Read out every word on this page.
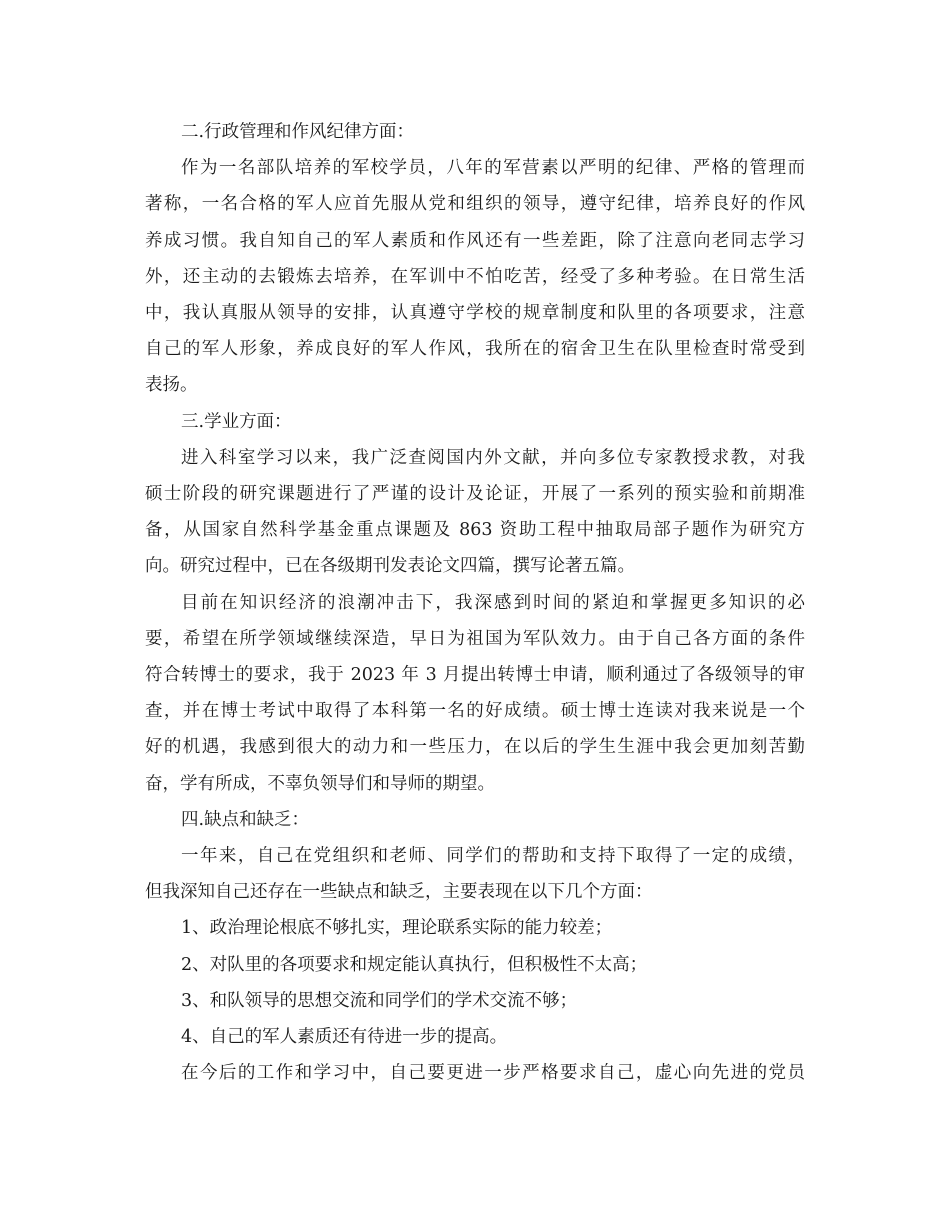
二.行政管理和作风纪律方面：
作为一名部队培养的军校学员，八年的军营素以严明的纪律、严格的管理而
著称，一名合格的军人应首先服从党和组织的领导，遵守纪律，培养良好的作风
养成习惯。我自知自己的军人素质和作风还有一些差距，除了注意向老同志学习
外，还主动的去锻炼去培养，在军训中不怕吃苦，经受了多种考验。在日常生活
中，我认真服从领导的安排，认真遵守学校的规章制度和队里的各项要求，注意
自己的军人形象，养成良好的军人作风，我所在的宿舍卫生在队里检查时常受到
表扬。
三.学业方面：
进入科室学习以来，我广泛查阅国内外文献，并向多位专家教授求教，对我
硕士阶段的研究课题进行了严谨的设计及论证，开展了一系列的预实验和前期准
备，从国家自然科学基金重点课题及 863 资助工程中抽取局部子题作为研究方
向。研究过程中，已在各级期刊发表论文四篇，撰写论著五篇。
目前在知识经济的浪潮冲击下，我深感到时间的紧迫和掌握更多知识的必
要，希望在所学领域继续深造，早日为祖国为军队效力。由于自己各方面的条件
符合转博士的要求，我于 2023 年 3 月提出转博士申请，顺利通过了各级领导的审
查，并在博士考试中取得了本科第一名的好成绩。硕士博士连读对我来说是一个
好的机遇，我感到很大的动力和一些压力，在以后的学生生涯中我会更加刻苦勤
奋，学有所成，不辜负领导们和导师的期望。
四.缺点和缺乏：
一年来，自己在党组织和老师、同学们的帮助和支持下取得了一定的成绩，
但我深知自己还存在一些缺点和缺乏，主要表现在以下几个方面：
1、政治理论根底不够扎实，理论联系实际的能力较差；
2、对队里的各项要求和规定能认真执行，但积极性不太高；
3、和队领导的思想交流和同学们的学术交流不够；
4、自己的军人素质还有待进一步的提高。
在今后的工作和学习中，自己要更进一步严格要求自己，虚心向先进的党员
